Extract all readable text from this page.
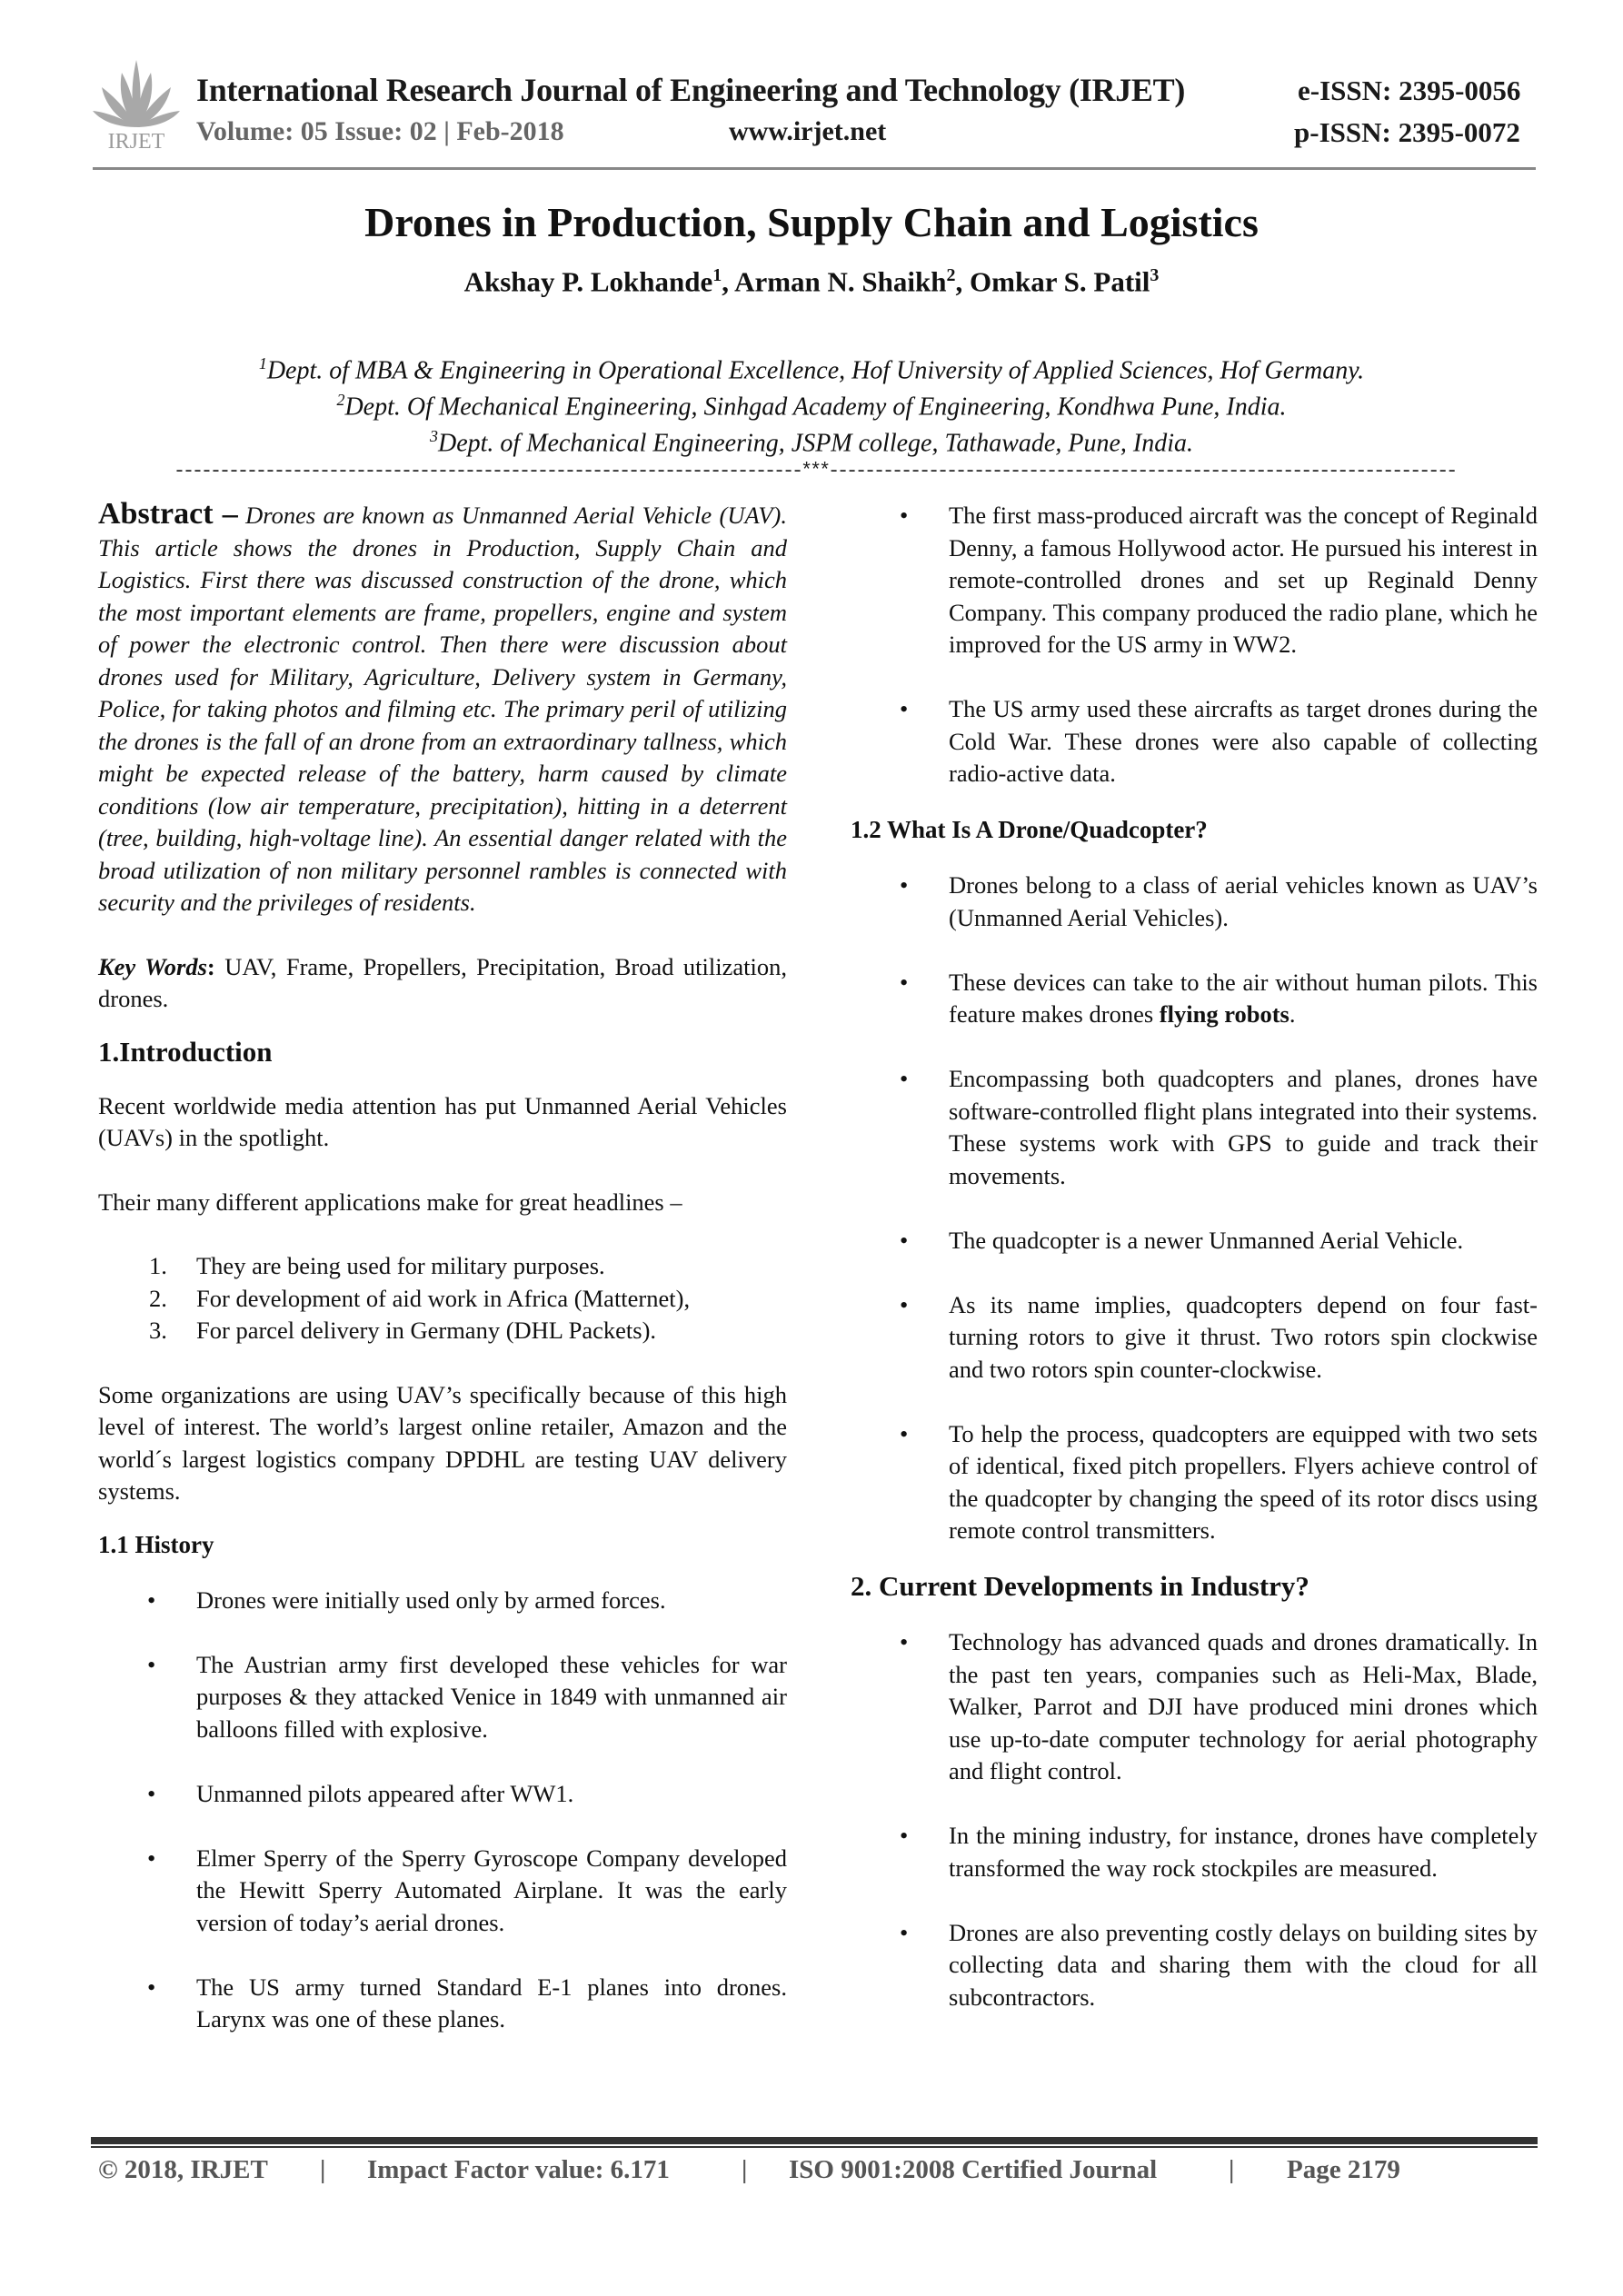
IRJET
International Research Journal of Engineering and Technology (IRJET)	e-ISSN: 2395-0056
Volume: 05 Issue: 02 | Feb-2018	www.irjet.net	p-ISSN: 2395-0072
Drones in Production, Supply Chain and Logistics
Akshay P. Lokhande$^1$, Arman N. Shaikh$^2$, Omkar S. Patil$^3$
$^1$Dept. of MBA & Engineering in Operational Excellence, Hof University of Applied Sciences, Hof Germany.
$^2$Dept. Of Mechanical Engineering, Sinhgad Academy of Engineering, Kondhwa Pune, India.
$^3$Dept. of Mechanical Engineering, JSPM college, Tathawade, Pune, India.
---------------------------------------------------------------------***---------------------------------------------------------------------

Abstract – Drones are known as Unmanned Aerial Vehicle (UAV). This article shows the drones in Production, Supply Chain and Logistics. First there was discussed construction of the drone, which the most important elements are frame, propellers, engine and system of power the electronic control. Then there were discussion about drones used for Military, Agriculture, Delivery system in Germany, Police, for taking photos and filming etc. The primary peril of utilizing the drones is the fall of an drone from an extraordinary tallness, which might be expected release of the battery, harm caused by climate conditions (low air temperature, precipitation), hitting in a deterrent (tree, building, high-voltage line). An essential danger related with the broad utilization of non military personnel rambles is connected with security and the privileges of residents.

Key Words: UAV, Frame, Propellers, Precipitation, Broad utilization, drones.

1.Introduction

Recent worldwide media attention has put Unmanned Aerial Vehicles (UAVs) in the spotlight.

Their many different applications make for great headlines –

1. They are being used for military purposes.
2. For development of aid work in Africa (Matternet),
3. For parcel delivery in Germany (DHL Packets).

Some organizations are using UAV’s specifically because of this high level of interest. The world’s largest online retailer, Amazon and the world´s largest logistics company DPDHL are testing UAV delivery systems.

1.1 History
• Drones were initially used only by armed forces.
• The Austrian army first developed these vehicles for war purposes & they attacked Venice in 1849 with unmanned air balloons filled with explosive.
• Unmanned pilots appeared after WW1.
• Elmer Sperry of the Sperry Gyroscope Company developed the Hewitt Sperry Automated Airplane. It was the early version of today’s aerial drones.
• The US army turned Standard E-1 planes into drones. Larynx was one of these planes.
• The first mass-produced aircraft was the concept of Reginald Denny, a famous Hollywood actor. He pursued his interest in remote-controlled drones and set up Reginald Denny Company. This company produced the radio plane, which he improved for the US army in WW2.
• The US army used these aircrafts as target drones during the Cold War. These drones were also capable of collecting radio-active data.
1.2 What Is A Drone/Quadcopter?
• Drones belong to a class of aerial vehicles known as UAV’s (Unmanned Aerial Vehicles).
• These devices can take to the air without human pilots. This feature makes drones flying robots.
• Encompassing both quadcopters and planes, drones have software-controlled flight plans integrated into their systems. These systems work with GPS to guide and track their movements.
• The quadcopter is a newer Unmanned Aerial Vehicle.
• As its name implies, quadcopters depend on four fast-turning rotors to give it thrust. Two rotors spin clockwise and two rotors spin counter-clockwise.
• To help the process, quadcopters are equipped with two sets of identical, fixed pitch propellers. Flyers achieve control of the quadcopter by changing the speed of its rotor discs using remote control transmitters.
2. Current Developments in Industry?
• Technology has advanced quads and drones dramatically. In the past ten years, companies such as Heli-Max, Blade, Walker, Parrot and DJI have produced mini drones which use up-to-date computer technology for aerial photography and flight control.
• In the mining industry, for instance, drones have completely transformed the way rock stockpiles are measured.
• Drones are also preventing costly delays on building sites by collecting data and sharing them with the cloud for all subcontractors.
© 2018, IRJET | Impact Factor value: 6.171	| ISO 9001:2008 Certified Journal	| Page 2179
